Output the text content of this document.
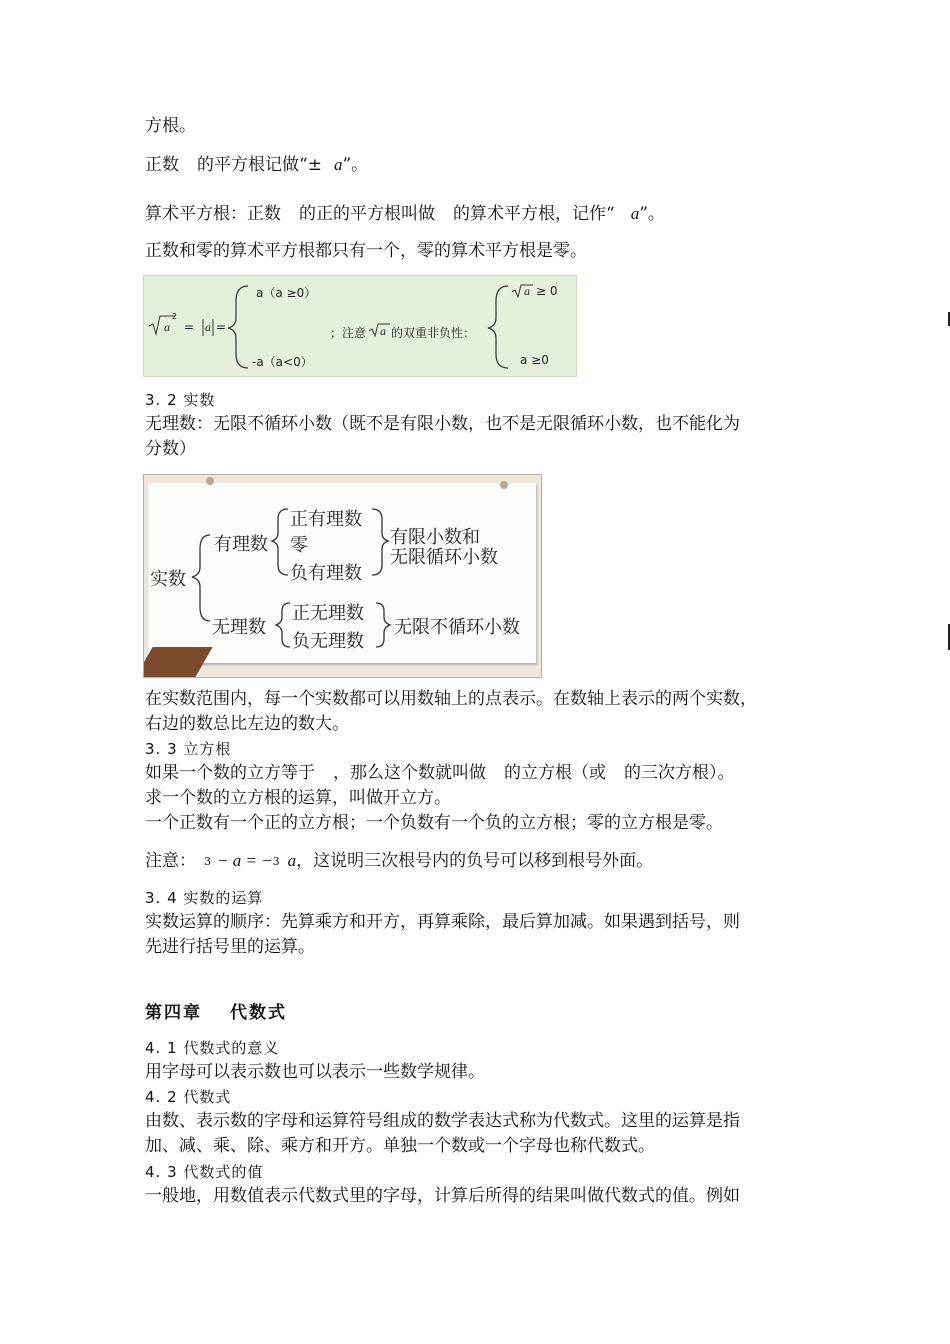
方根。
正数 的平方根记做“± a”。
算术平方根：正数 的正的平方根叫做 的算术平方根，记作“ a”。
正数和零的算术平方根都只有一个，零的算术平方根是零。
a
2
= a =
a（a ≥0）
-a（a<0）
；注意 a 的双重非负性：
a ≥ 0
a ≥0
3. 2 实数
无理数：无限不循环小数（既不是有限小数，也不是无限循环小数，也不能化为
分数）
实数
有理数
无理数
正有理数
零
负有理数
有限小数和
无限循环小数
正无理数
负无理数
无限不循环小数
在实数范围内，每一个实数都可以用数轴上的点表示。在数轴上表示的两个实数，
右边的数总比左边的数大。
3. 3 立方根
如果一个数的立方等于 ，那么这个数就叫做 的立方根（或 的三次方根）。
求一个数的立方根的运算，叫做开立方。
一个正数有一个正的立方根；一个负数有一个负的立方根；零的立方根是零。
注意： 3 − a = −3 a，这说明三次根号内的负号可以移到根号外面。
3. 4 实数的运算
实数运算的顺序：先算乘方和开方，再算乘除，最后算加减。如果遇到括号，则
先进行括号里的运算。
第四章 代数式
4. 1 代数式的意义
用字母可以表示数也可以表示一些数学规律。
4. 2 代数式
由数、表示数的字母和运算符号组成的数学表达式称为代数式。这里的运算是指
加、减、乘、除、乘方和开方。单独一个数或一个字母也称代数式。
4. 3 代数式的值
一般地，用数值表示代数式里的字母，计算后所得的结果叫做代数式的值。例如
